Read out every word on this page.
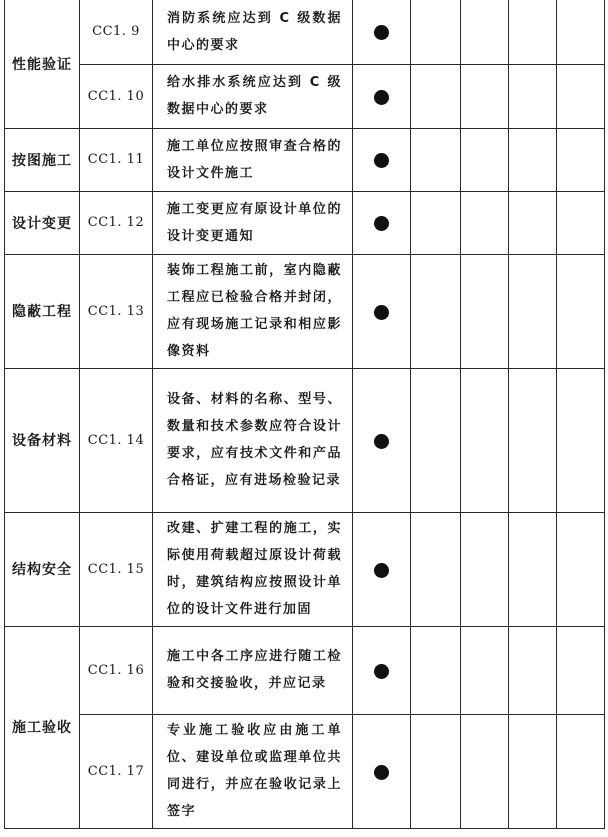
性能验证	CC1. 9	消防系统应达到 C 级数据中心的要求					
	CC1. 10	给水排水系统应达到 C 级数据中心的要求					
按图施工	CC1. 11	施工单位应按照审查合格的设计文件施工					
设计变更	CC1. 12	施工变更应有原设计单位的设计变更通知					
隐蔽工程	CC1. 13	装饰工程施工前，室内隐蔽工程应已检验合格并封闭，应有现场施工记录和相应影像资料					
设备材料	CC1. 14	设备、材料的名称、型号、数量和技术参数应符合设计要求，应有技术文件和产品合格证，应有进场检验记录					
结构安全	CC1. 15	改建、扩建工程的施工，实际使用荷载超过原设计荷载时，建筑结构应按照设计单位的设计文件进行加固					
施工验收	CC1. 16	施工中各工序应进行随工检验和交接验收，并应记录					
	CC1. 17	专业施工验收应由施工单位、建设单位或监理单位共同进行，并应在验收记录上签字					
